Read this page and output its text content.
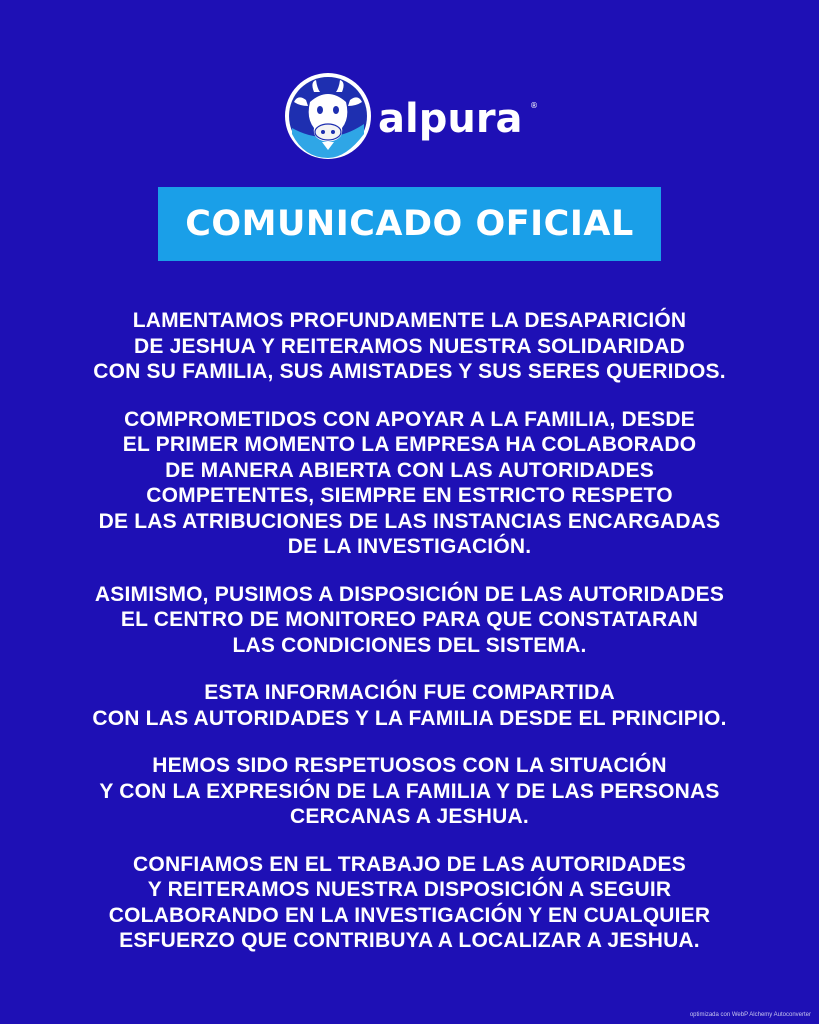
alpura ®
COMUNICADO OFICIAL
LAMENTAMOS PROFUNDAMENTE LA DESAPARICIÓN
DE JESHUA Y REITERAMOS NUESTRA SOLIDARIDAD
CON SU FAMILIA, SUS AMISTADES Y SUS SERES QUERIDOS.
COMPROMETIDOS CON APOYAR A LA FAMILIA, DESDE
EL PRIMER MOMENTO LA EMPRESA HA COLABORADO
DE MANERA ABIERTA CON LAS AUTORIDADES
COMPETENTES, SIEMPRE EN ESTRICTO RESPETO
DE LAS ATRIBUCIONES DE LAS INSTANCIAS ENCARGADAS
DE LA INVESTIGACIÓN.
ASIMISMO, PUSIMOS A DISPOSICIÓN DE LAS AUTORIDADES
EL CENTRO DE MONITOREO PARA QUE CONSTATARAN
LAS CONDICIONES DEL SISTEMA.
ESTA INFORMACIÓN FUE COMPARTIDA
CON LAS AUTORIDADES Y LA FAMILIA DESDE EL PRINCIPIO.
HEMOS SIDO RESPETUOSOS CON LA SITUACIÓN
Y CON LA EXPRESIÓN DE LA FAMILIA Y DE LAS PERSONAS
CERCANAS A JESHUA.
CONFIAMOS EN EL TRABAJO DE LAS AUTORIDADES
Y REITERAMOS NUESTRA DISPOSICIÓN A SEGUIR
COLABORANDO EN LA INVESTIGACIÓN Y EN CUALQUIER
ESFUERZO QUE CONTRIBUYA A LOCALIZAR A JESHUA.
optimizada con WebP Alchemy Autoconverter
